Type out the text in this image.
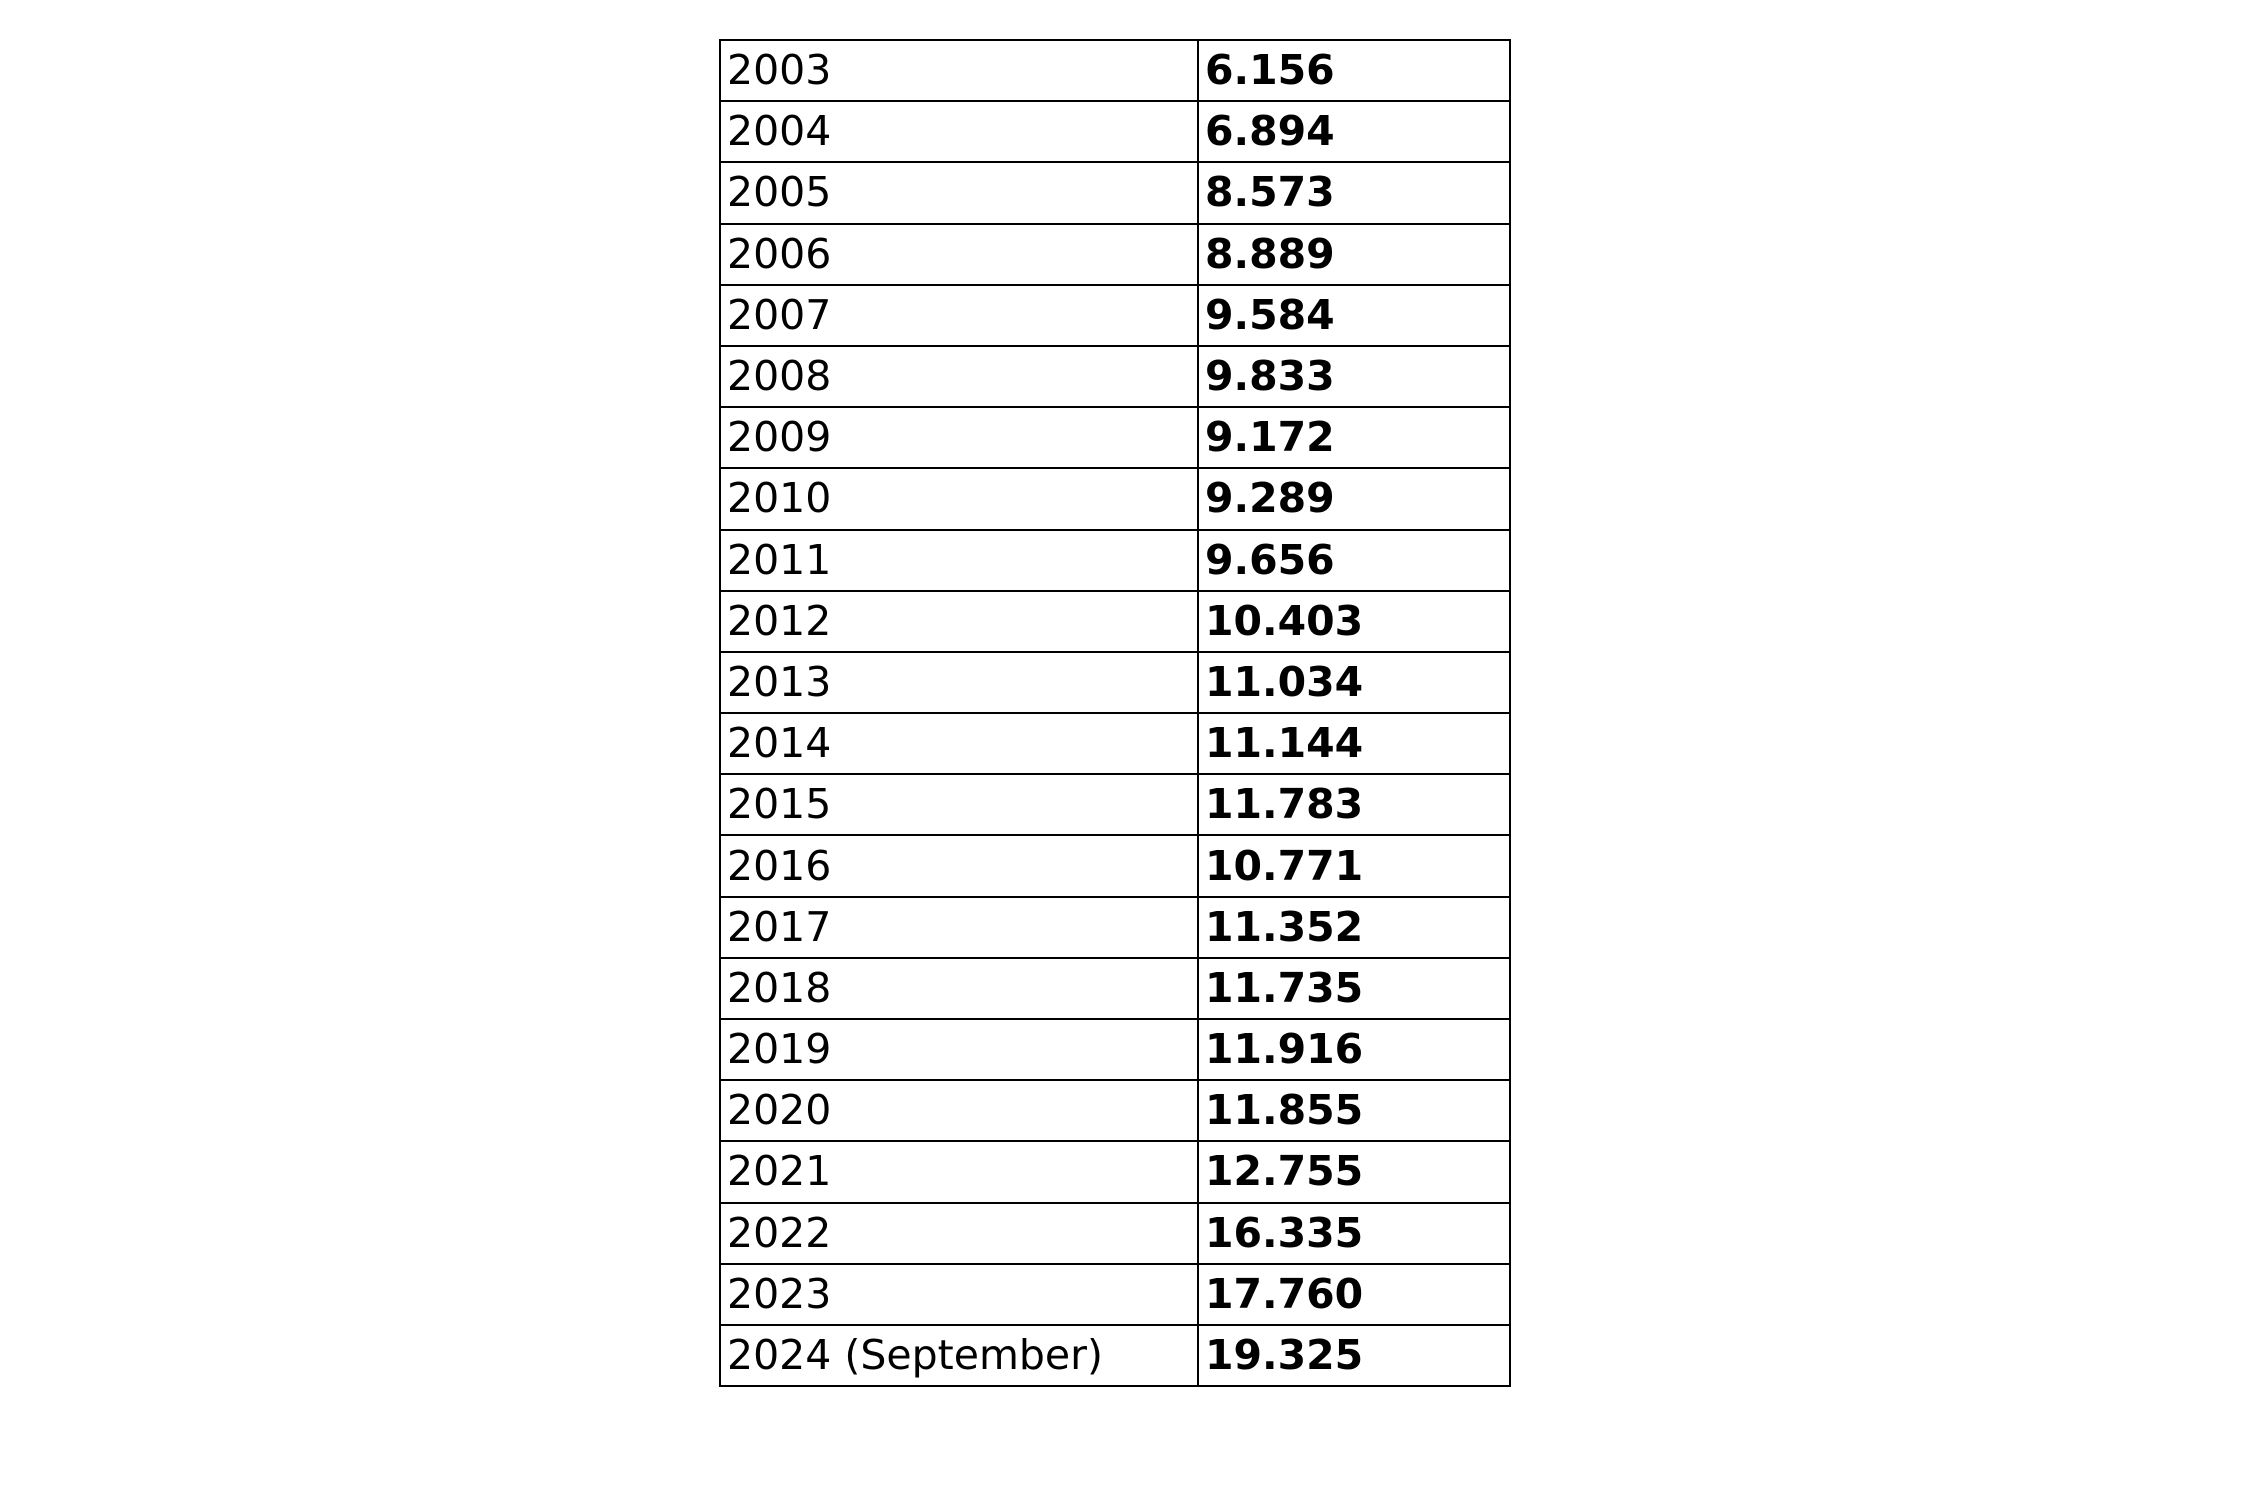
2003	6.156
2004	6.894
2005	8.573
2006	8.889
2007	9.584
2008	9.833
2009	9.172
2010	9.289
2011	9.656
2012	10.403
2013	11.034
2014	11.144
2015	11.783
2016	10.771
2017	11.352
2018	11.735
2019	11.916
2020	11.855
2021	12.755
2022	16.335
2023	17.760
2024 (September)	19.325
